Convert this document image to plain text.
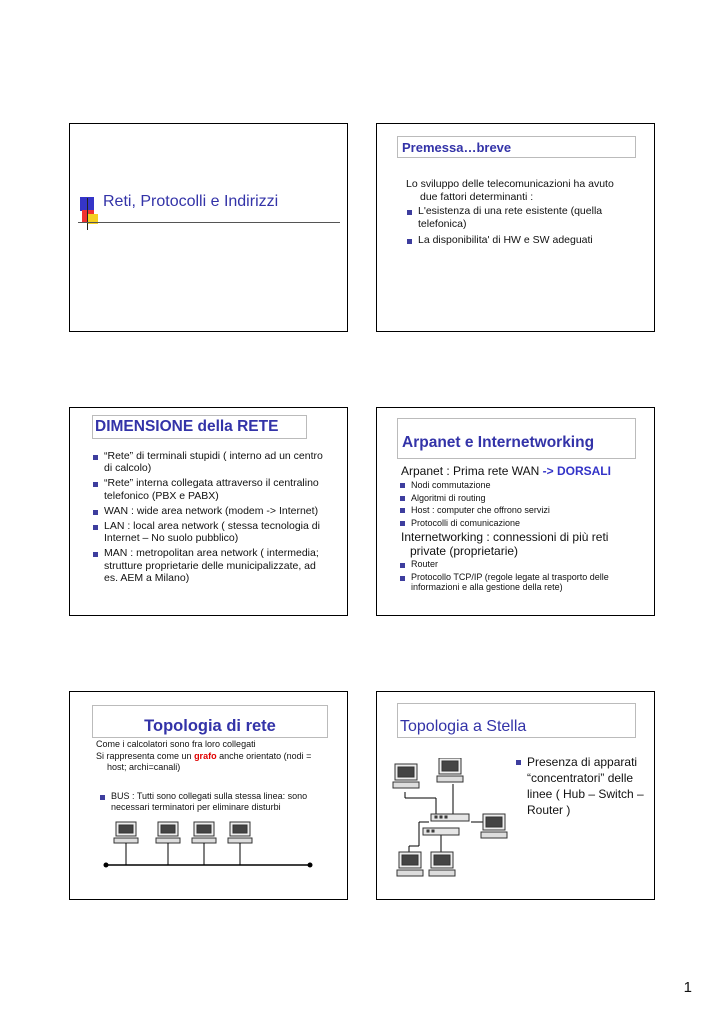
Reti, Protocolli e Indirizzi
Premessa…breve
Lo sviluppo delle telecomunicazioni ha avuto
due fattori determinanti :
L'esistenza di una rete esistente (quella telefonica)
La disponibilita' di HW e SW adeguati
DIMENSIONE della RETE
“Rete” di terminali stupidi ( interno ad un centro di calcolo)
“Rete” interna collegata attraverso il centralino telefonico (PBX e PABX)
WAN : wide area network (modem -> Internet)
LAN : local area network ( stessa tecnologia di Internet – No suolo pubblico)
MAN : metropolitan area network ( intermedia; strutture proprietarie delle municipalizzate, ad es. AEM a Milano)
Arpanet e Internetworking
Arpanet : Prima rete WAN -> DORSALI
Nodi commutazione
Algoritmi di routing
Host : computer che offrono servizi
Protocolli di comunicazione
Internetworking : connessioni di più reti
private (proprietarie)
Router
Protocollo TCP/IP (regole legate al trasporto delle informazioni e alla gestione della rete)
Topologia di rete
Come i calcolatori sono fra loro collegati
Si rappresenta come un grafo anche orientato (nodi =
host; archi=canali)
BUS : Tutti sono collegati sulla stessa linea: sono necessari terminatori per eliminare disturbi
Topologia a Stella
Presenza di apparati “concentratori” delle linee ( Hub – Switch – Router )
1
